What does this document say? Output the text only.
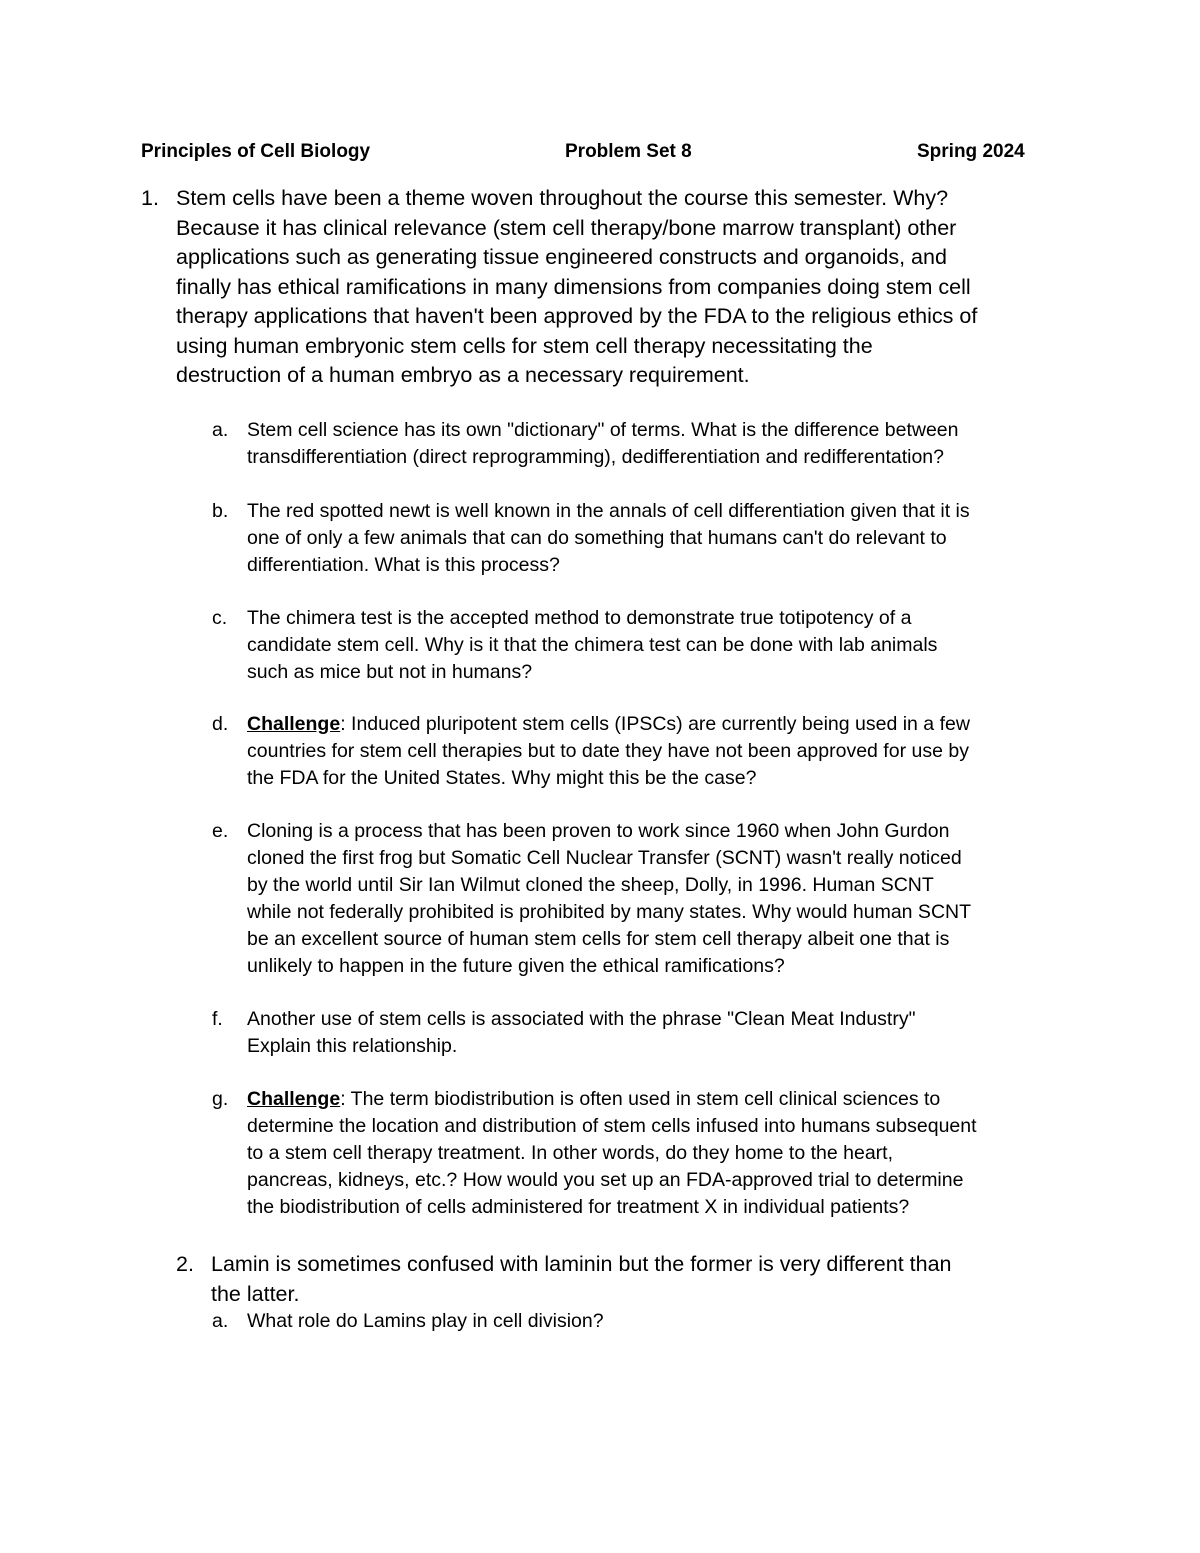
Principles of Cell Biology	Problem Set 8	Spring 2024
1. Stem cells have been a theme woven throughout the course this semester. Why?
Because it has clinical relevance (stem cell therapy/bone marrow transplant) other
applications such as generating tissue engineered constructs and organoids, and
finally has ethical ramifications in many dimensions from companies doing stem cell
therapy applications that haven't been approved by the FDA to the religious ethics of
using human embryonic stem cells for stem cell therapy necessitating the
destruction of a human embryo as a necessary requirement.
a. Stem cell science has its own "dictionary" of terms. What is the difference between
transdifferentiation (direct reprogramming), dedifferentiation and redifferentation?
b. The red spotted newt is well known in the annals of cell differentiation given that it is
one of only a few animals that can do something that humans can't do relevant to
differentiation. What is this process?
c. The chimera test is the accepted method to demonstrate true totipotency of a
candidate stem cell. Why is it that the chimera test can be done with lab animals
such as mice but not in humans?
d. Challenge: Induced pluripotent stem cells (IPSCs) are currently being used in a few
countries for stem cell therapies but to date they have not been approved for use by
the FDA for the United States. Why might this be the case?
e. Cloning is a process that has been proven to work since 1960 when John Gurdon
cloned the first frog but Somatic Cell Nuclear Transfer (SCNT) wasn't really noticed
by the world until Sir Ian Wilmut cloned the sheep, Dolly, in 1996. Human SCNT
while not federally prohibited is prohibited by many states. Why would human SCNT
be an excellent source of human stem cells for stem cell therapy albeit one that is
unlikely to happen in the future given the ethical ramifications?
f. Another use of stem cells is associated with the phrase "Clean Meat Industry"
Explain this relationship.
g. Challenge: The term biodistribution is often used in stem cell clinical sciences to
determine the location and distribution of stem cells infused into humans subsequent
to a stem cell therapy treatment. In other words, do they home to the heart,
pancreas, kidneys, etc.? How would you set up an FDA-approved trial to determine
the biodistribution of cells administered for treatment X in individual patients?
2. Lamin is sometimes confused with laminin but the former is very different than
the latter.
a. What role do Lamins play in cell division?
